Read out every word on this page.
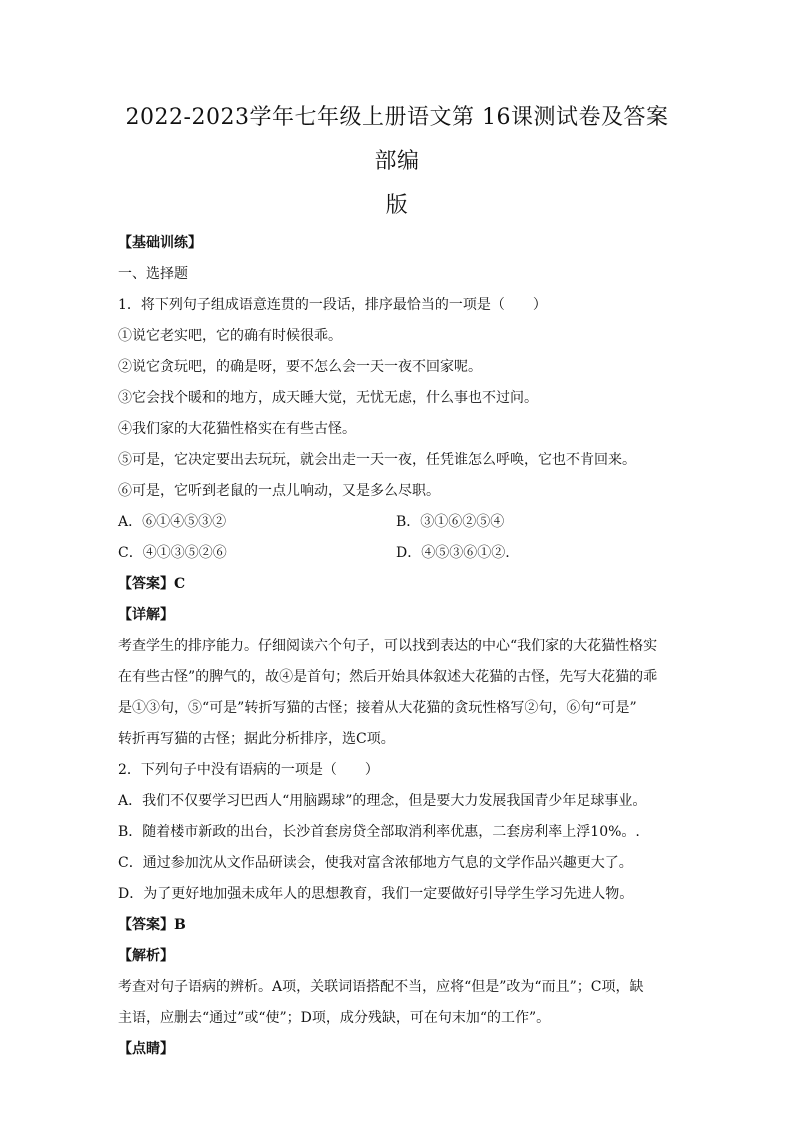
2022-2023学年七年级上册语文第 16课测试卷及答案部编
版
【基础训练】
一、选择题
1．将下列句子组成语意连贯的一段话，排序最恰当的一项是（　　）
①说它老实吧，它的确有时候很乖。
②说它贪玩吧，的确是呀，要不怎么会一天一夜不回家呢。
③它会找个暖和的地方，成天睡大觉，无忧无虑，什么事也不过问。
④我们家的大花猫性格实在有些古怪。
⑤可是，它决定要出去玩玩，就会出走一天一夜，任凭谁怎么呼唤，它也不肯回来。
⑥可是，它听到老鼠的一点儿响动，又是多么尽职。
A．⑥①④⑤③②	B．③①⑥②⑤④
C．④①③⑤②⑥	D．④⑤③⑥①②.
【答案】C
【详解】
考查学生的排序能力。仔细阅读六个句子，可以找到表达的中心“我们家的大花猫性格实
在有些古怪”的脾气的，故④是首句；然后开始具体叙述大花猫的古怪，先写大花猫的乖
是①③句，⑤“可是”转折写猫的古怪；接着从大花猫的贪玩性格写②句，⑥句“可是”
转折再写猫的古怪；据此分析排序，选C项。
2．下列句子中没有语病的一项是（　　）
A．我们不仅要学习巴西人“用脑踢球”的理念，但是要大力发展我国青少年足球事业。
B．随着楼市新政的出台，长沙首套房贷全部取消利率优惠，二套房利率上浮10%。.
C．通过参加沈从文作品研读会，使我对富含浓郁地方气息的文学作品兴趣更大了。
D．为了更好地加强未成年人的思想教育，我们一定要做好引导学生学习先进人物。
【答案】B
【解析】
考查对句子语病的辨析。A项，关联词语搭配不当，应将“但是”改为“而且”；C项，缺
主语，应删去“通过”或“使”；D项，成分残缺，可在句末加“的工作”。
【点睛】
